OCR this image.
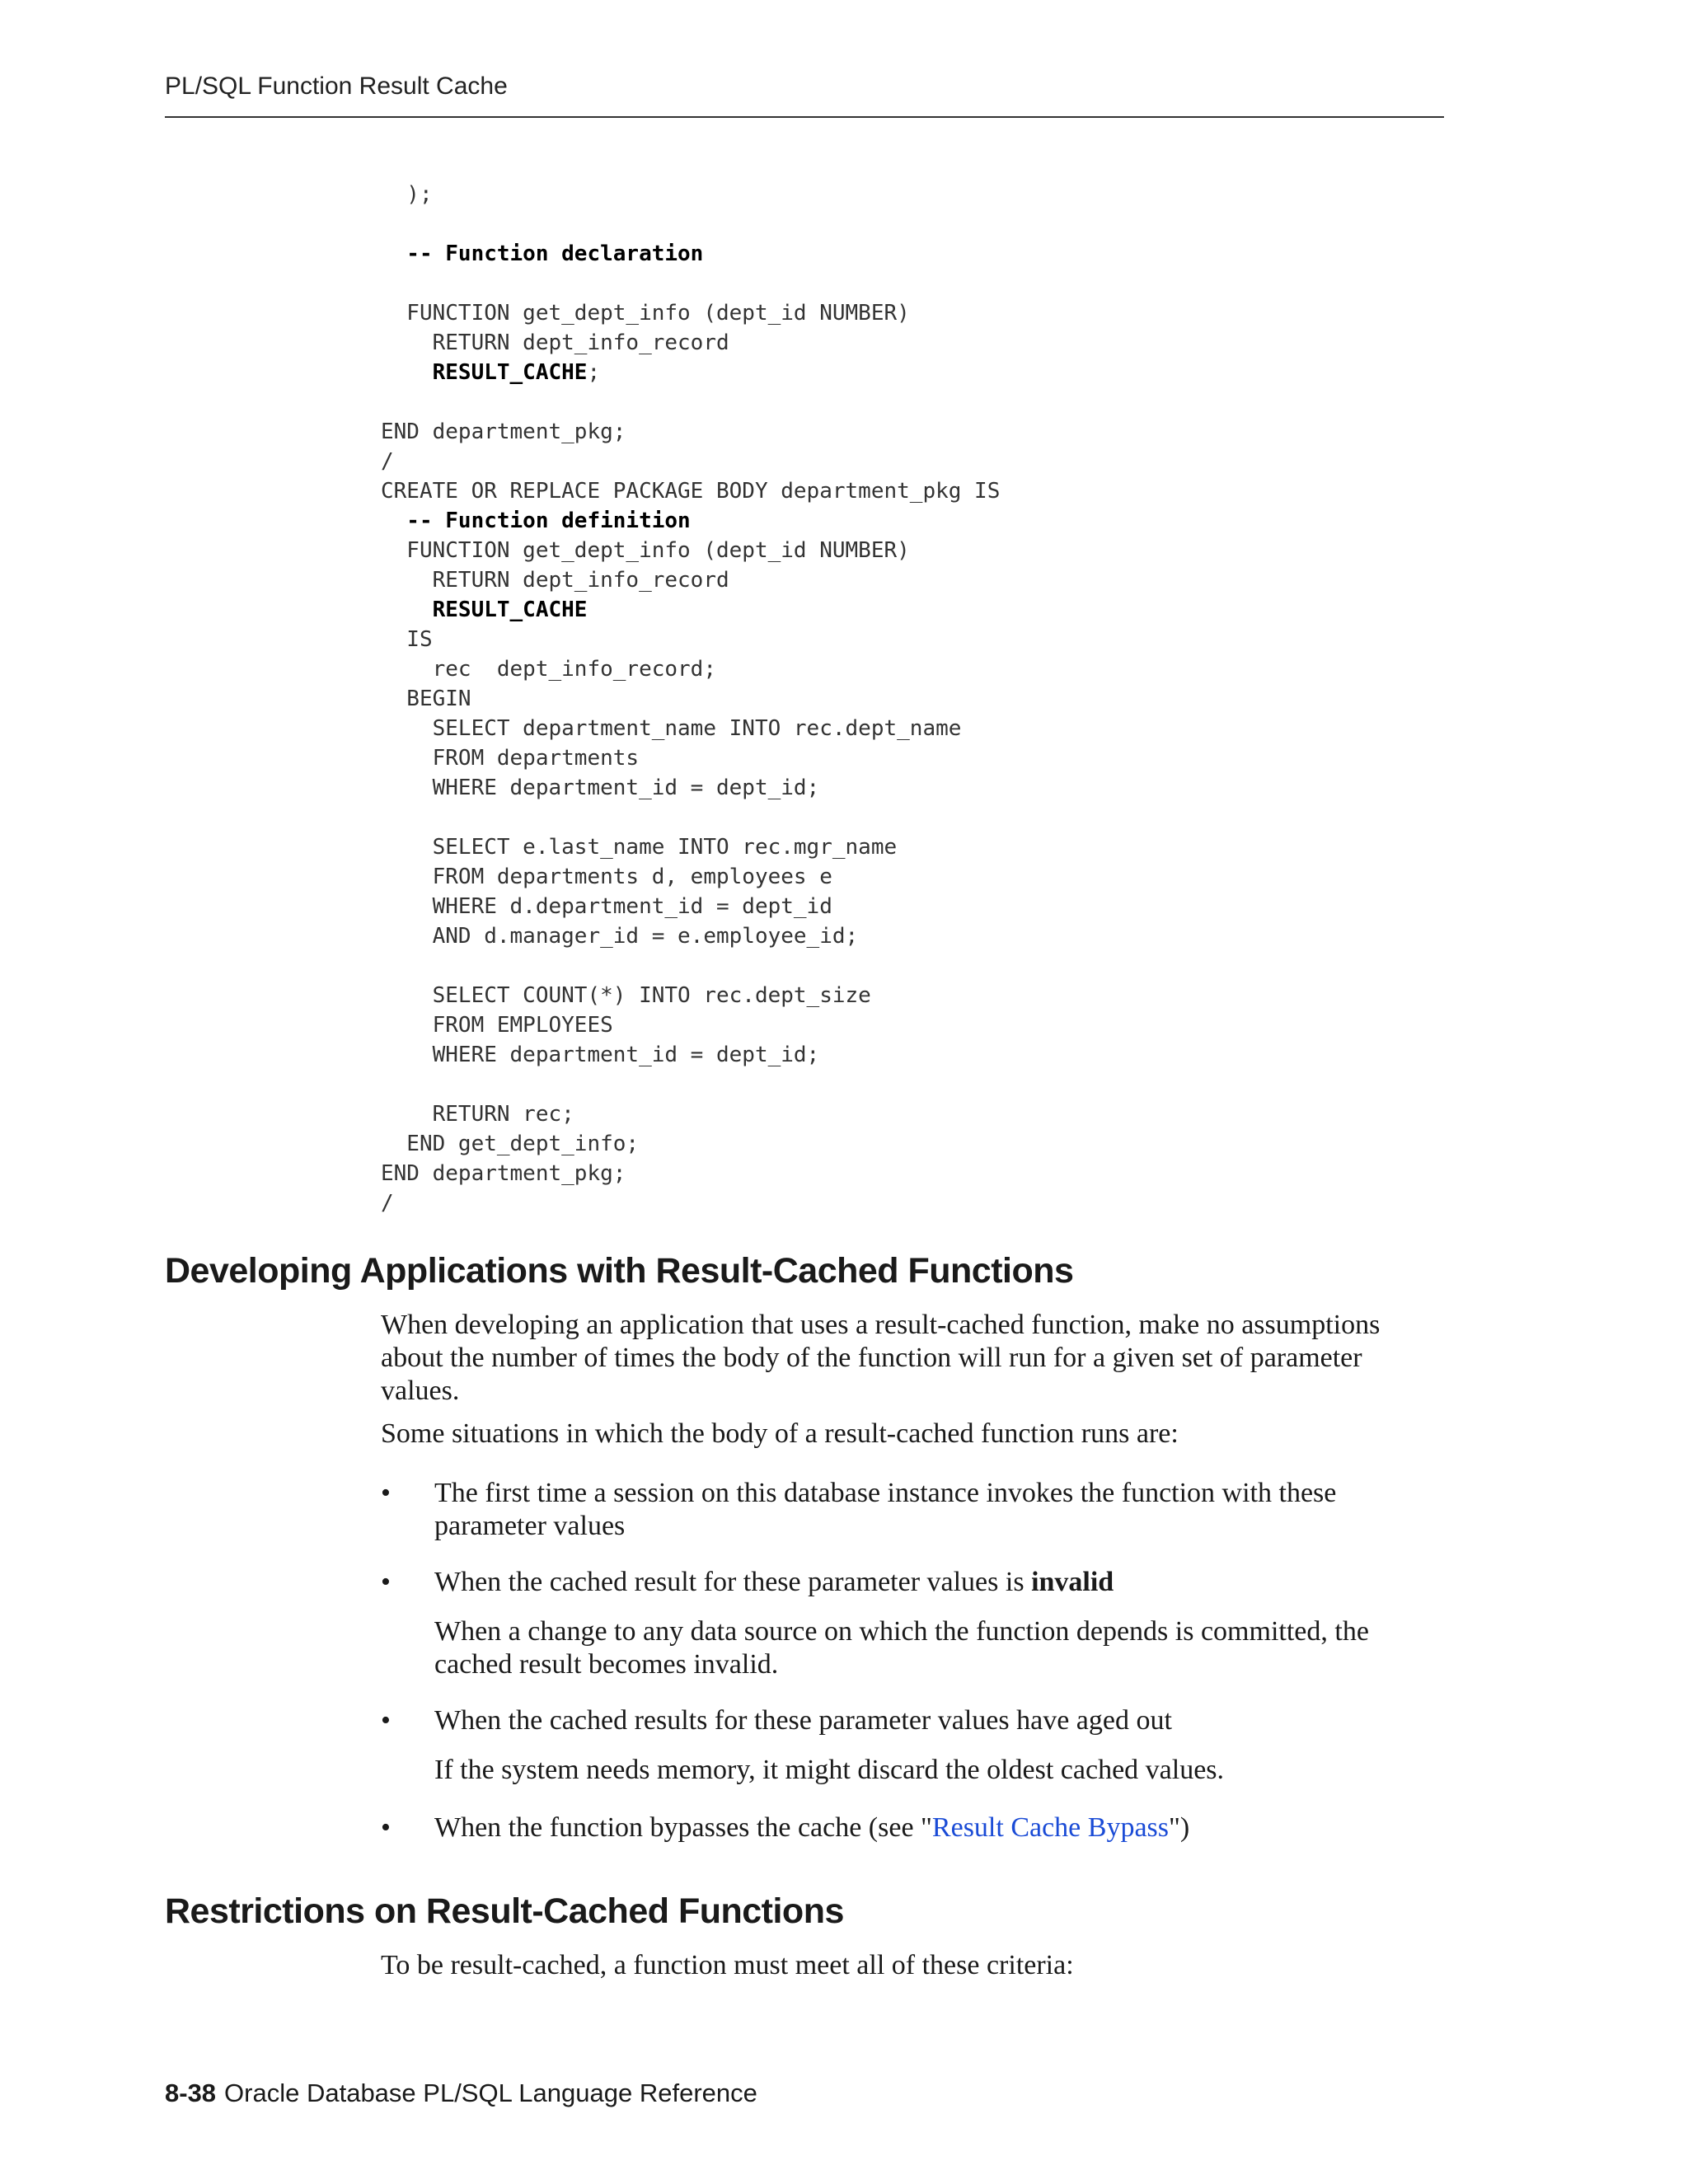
PL/SQL Function Result Cache
);
-- Function declaration
FUNCTION get_dept_info (dept_id NUMBER)
RETURN dept_info_record
RESULT_CACHE;
END department_pkg;
/
CREATE OR REPLACE PACKAGE BODY department_pkg IS
-- Function definition
FUNCTION get_dept_info (dept_id NUMBER)
RETURN dept_info_record
RESULT_CACHE
IS
rec  dept_info_record;
BEGIN
SELECT department_name INTO rec.dept_name
FROM departments
WHERE department_id = dept_id;
SELECT e.last_name INTO rec.mgr_name
FROM departments d, employees e
WHERE d.department_id = dept_id
AND d.manager_id = e.employee_id;
SELECT COUNT(*) INTO rec.dept_size
FROM EMPLOYEES
WHERE department_id = dept_id;
RETURN rec;
END get_dept_info;
END department_pkg;
/
Developing Applications with Result-Cached Functions

When developing an application that uses a result-cached function, make no assumptions about the number of times the body of the function will run for a given set of parameter values.

Some situations in which the body of a result-cached function runs are:

• The first time a session on this database instance invokes the function with these parameter values

• When the cached result for these parameter values is invalid

When a change to any data source on which the function depends is committed, the cached result becomes invalid.

• When the cached results for these parameter values have aged out

If the system needs memory, it might discard the oldest cached values.

• When the function bypasses the cache (see "Result Cache Bypass")

Restrictions on Result-Cached Functions

To be result-cached, a function must meet all of these criteria:

8-38 Oracle Database PL/SQL Language Reference
